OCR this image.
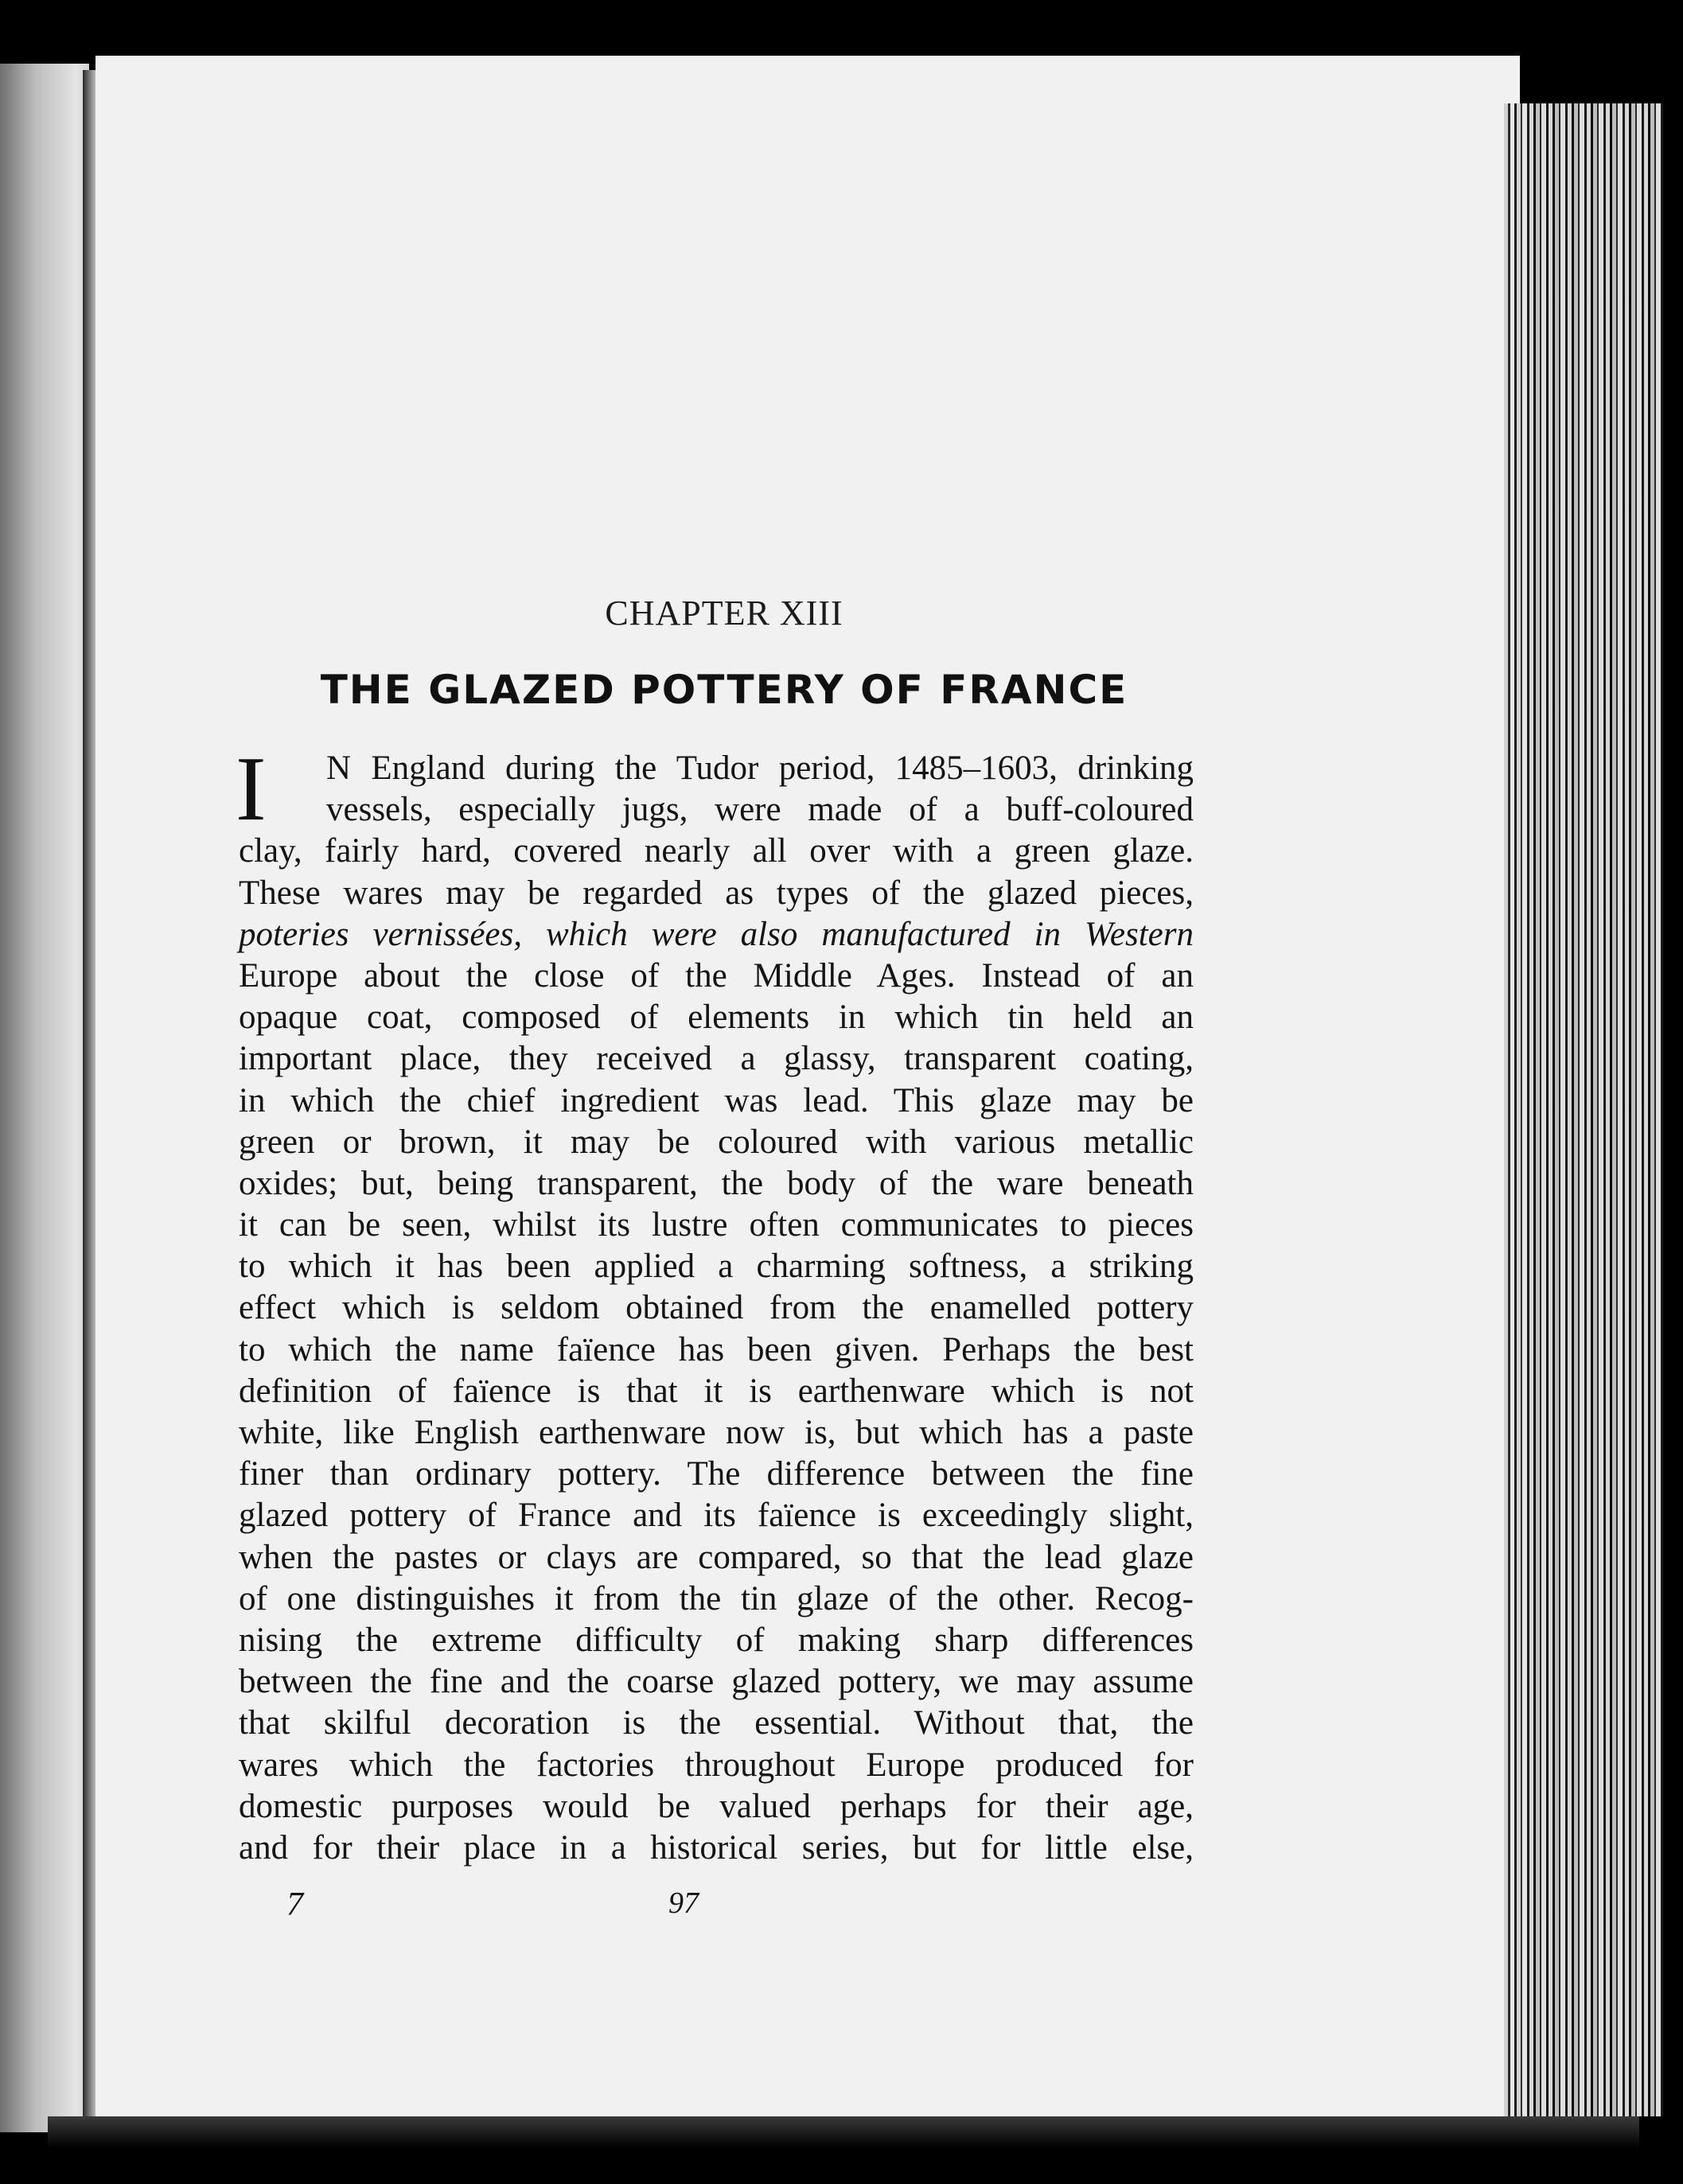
CHAPTER XIII
THE GLAZED POTTERY OF FRANCE
I	N England during the Tudor period, 1485–1603, drinking
vessels, especially jugs, were made of a buff-coloured
clay, fairly hard, covered nearly all over with a green glaze.
These wares may be regarded as types of the glazed pieces,
poteries vernissées, which were also manufactured in Western
Europe about the close of the Middle Ages. Instead of an
opaque coat, composed of elements in which tin held an
important place, they received a glassy, transparent coating,
in which the chief ingredient was lead. This glaze may be
green or brown, it may be coloured with various metallic
oxides; but, being transparent, the body of the ware beneath
it can be seen, whilst its lustre often communicates to pieces
to which it has been applied a charming softness, a striking
effect which is seldom obtained from the enamelled pottery
to which the name faïence has been given. Perhaps the best
definition of faïence is that it is earthenware which is not
white, like English earthenware now is, but which has a paste
finer than ordinary pottery. The difference between the fine
glazed pottery of France and its faïence is exceedingly slight,
when the pastes or clays are compared, so that the lead glaze
of one distinguishes it from the tin glaze of the other. Recog-
nising the extreme difficulty of making sharp differences
between the fine and the coarse glazed pottery, we may assume
that skilful decoration is the essential. Without that, the
wares which the factories throughout Europe produced for
domestic purposes would be valued perhaps for their age,
and for their place in a historical series, but for little else,
7	97
